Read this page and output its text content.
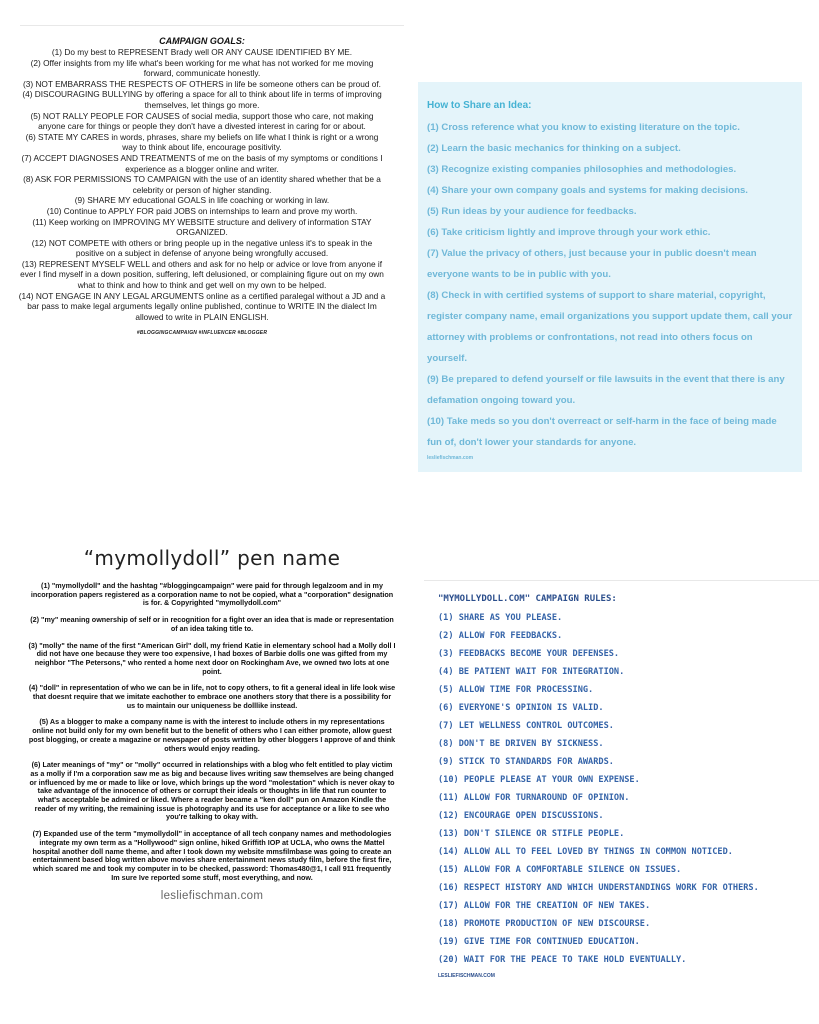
CAMPAIGN GOALS:

(1) Do my best to REPRESENT Brady well OR ANY CAUSE IDENTIFIED BY ME.

(2) Offer insights from my life what's been working for me what has not worked for me moving forward, communicate honestly.

(3) NOT EMBARRASS THE RESPECTS OF OTHERS in life be someone others can be proud of.

(4) DISCOURAGING BULLYING by offering a space for all to think about life in terms of improving themselves, let things go more.

(5) NOT RALLY PEOPLE FOR CAUSES of social media, support those who care, not making anyone care for things or people they don't have a divested interest in caring for or about.

(6) STATE MY CARES in words, phrases, share my beliefs on life what I think is right or a wrong way to think about life, encourage positivity.

(7) ACCEPT DIAGNOSES AND TREATMENTS of me on the basis of my symptoms or conditions I experience as a blogger online and writer.

(8) ASK FOR PERMISSIONS TO CAMPAIGN with the use of an identity shared whether that be a celebrity or person of higher standing.

(9) SHARE MY educational GOALS in life coaching or working in law.

(10) Continue to APPLY FOR paid JOBS on internships to learn and prove my worth.

(11) Keep working on IMPROVING MY WEBSITE structure and delivery of information STAY ORGANIZED.

(12) NOT COMPETE with others or bring people up in the negative unless it's to speak in the positive on a subject in defense of anyone being wrongfully accused.

(13) REPRESENT MYSELF WELL and others and ask for no help or advice or love from anyone if ever I find myself in a down position, suffering, left delusioned, or complaining figure out on my own what to think and how to think and get well on my own to be helped.

(14) NOT ENGAGE IN ANY LEGAL ARGUMENTS online as a certified paralegal without a JD and a bar pass to make legal arguments legally online published, continue to WRITE IN the dialect Im allowed to write in PLAIN ENGLISH.

#BLOGGINGCAMPAIGN #INFLUENCER #BLOGGER
How to Share an Idea:

(1) Cross reference what you know to existing literature on the topic.

(2) Learn the basic mechanics for thinking on a subject.

(3) Recognize existing companies philosophies and methodologies.

(4) Share your own company goals and systems for making decisions.

(5) Run ideas by your audience for feedbacks.

(6) Take criticism lightly and improve through your work ethic.

(7) Value the privacy of others, just because your in public doesn't mean everyone wants to be in public with you.

(8) Check in with certified systems of support to share material, copyright, register company name, email organizations you support update them, call your attorney with problems or confrontations, not read into others focus on yourself.

(9) Be prepared to defend yourself or file lawsuits in the event that there is any defamation ongoing toward you.

(10) Take meds so you don't overreact or self-harm in the face of being made fun of, don't lower your standards for anyone.

lesliefischman.com
“mymollydoll” pen name

(1) "mymollydoll" and the hashtag "#bloggingcampaign" were paid for through legalzoom and in my incorporation papers registered as a corporation name to not be copied, what a "corporation" designation is for. & Copyrighted "mymollydoll.com"

(2) "my" meaning ownership of self or in recognition for a fight over an idea that is made or representation of an idea taking title to.

(3) "molly" the name of the first "American Girl" doll, my friend Katie in elementary school had a Molly doll I did not have one because they were too expensive, I had boxes of Barbie dolls one was gifted from my neighbor "The Petersons," who rented a home next door on Rockingham Ave, we owned two lots at one point.

(4) "doll" in representation of who we can be in life, not to copy others, to fit a general ideal in life look wise that doesnt require that we imitate eachother to embrace one anothers story that there is a possibility for us to maintain our uniqueness be dolllike instead.

(5) As a blogger to make a company name is with the interest to include others in my representations online not build only for my own benefit but to the benefit of others who I can either promote, allow guest post blogging, or create a magazine or newspaper of posts written by other bloggers I approve of and think others would enjoy reading.

(6) Later meanings of "my" or "molly" occurred in relationships with a blog who felt entitled to play victim as a molly if I'm a corporation saw me as big and because lives writing saw themselves are being changed or influenced by me or made to like or love, which brings up the word "molestation" which is never okay to take advantage of the innocence of others or corrupt their ideals or thoughts in life that run counter to what's acceptable be admired or liked. Where a reader became a "ken doll" pun on Amazon Kindle the reader of my writing, the remaining issue is photography and its use for acceptance or a like to see who you're talking to okay with.

(7) Expanded use of the term "mymollydoll" in acceptance of all tech conpany names and methodologies integrate my own term as a "Hollywood" sign online, hiked Griffith IOP at UCLA, who owns the Mattel hospital another doll name theme, and after I took down my website mmsfilmbase was going to create an entertainment based blog written above movies share entertainment news study film, before the first fire, which scared me and took my computer in to be checked, password: Thomas480@1, I call 911 frequently Im sure Ive reported some stuff, most everything, and now.

lesliefischman.com
"MYMOLLYDOLL.COM" CAMPAIGN RULES:

(1) SHARE AS YOU PLEASE.

(2) ALLOW FOR FEEDBACKS.

(3) FEEDBACKS BECOME YOUR DEFENSES.

(4) BE PATIENT WAIT FOR INTEGRATION.

(5) ALLOW TIME FOR PROCESSING.

(6) EVERYONE'S OPINION IS VALID.

(7) LET WELLNESS CONTROL OUTCOMES.

(8) DON'T BE DRIVEN BY SICKNESS.

(9) STICK TO STANDARDS FOR AWARDS.

(10) PEOPLE PLEASE AT YOUR OWN EXPENSE.

(11) ALLOW FOR TURNAROUND OF OPINION.

(12) ENCOURAGE OPEN DISCUSSIONS.

(13) DON'T SILENCE OR STIFLE PEOPLE.

(14) ALLOW ALL TO FEEL LOVED BY THINGS IN COMMON NOTICED.

(15) ALLOW FOR A COMFORTABLE SILENCE ON ISSUES.

(16) RESPECT HISTORY AND WHICH UNDERSTANDINGS WORK FOR OTHERS.

(17) ALLOW FOR THE CREATION OF NEW TAKES.

(18) PROMOTE PRODUCTION OF NEW DISCOURSE.

(19) GIVE TIME FOR CONTINUED EDUCATION.

(20) WAIT FOR THE PEACE TO TAKE HOLD EVENTUALLY.

LESLIEFISCHMAN.COM
